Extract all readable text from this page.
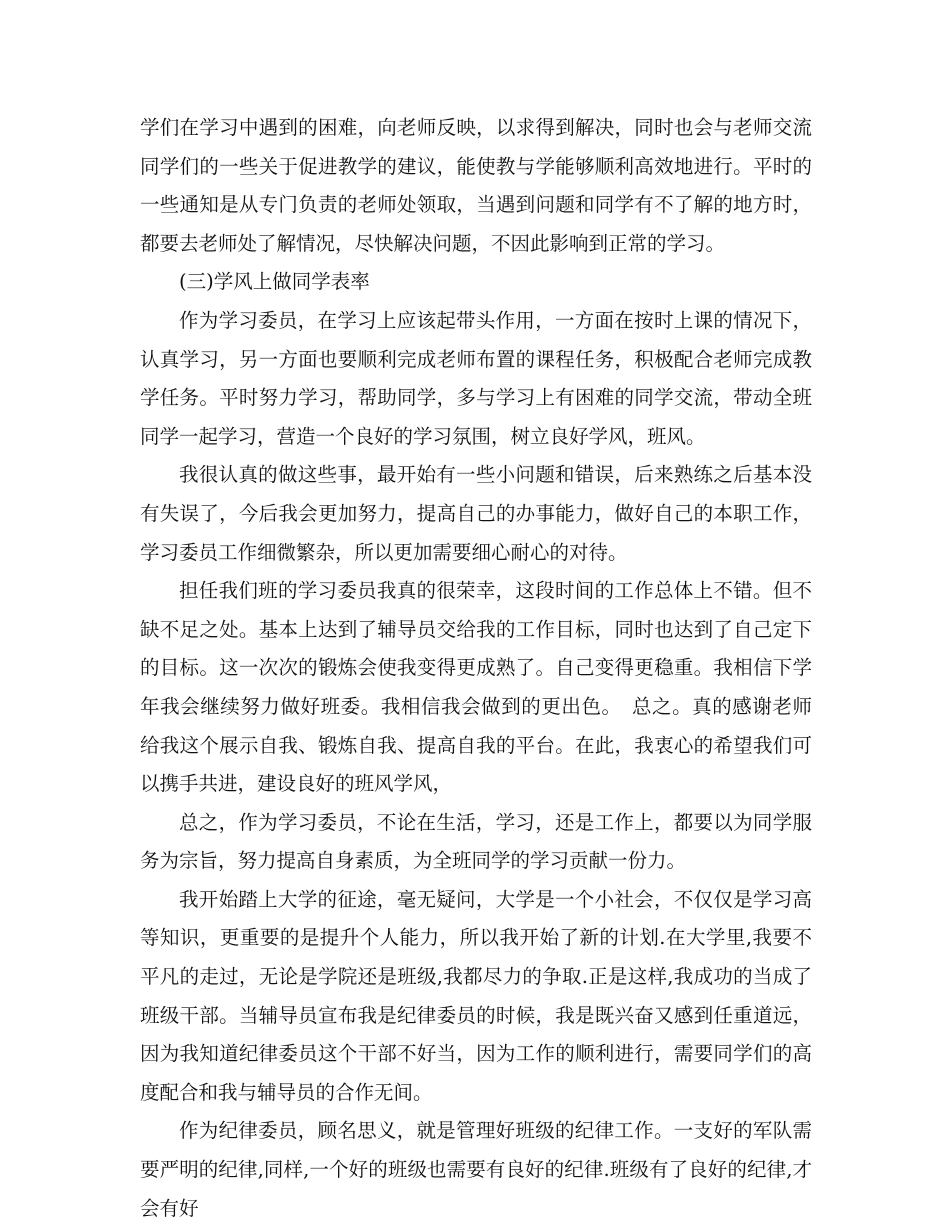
学们在学习中遇到的困难，向老师反映，以求得到解决，同时也会与老师交流同学们的一些关于促进教学的建议，能使教与学能够顺利高效地进行。平时的一些通知是从专门负责的老师处领取，当遇到问题和同学有不了解的地方时，都要去老师处了解情况，尽快解决问题，不因此影响到正常的学习。

(三)学风上做同学表率

作为学习委员，在学习上应该起带头作用，一方面在按时上课的情况下，认真学习，另一方面也要顺利完成老师布置的课程任务，积极配合老师完成教学任务。平时努力学习，帮助同学，多与学习上有困难的同学交流，带动全班同学一起学习，营造一个良好的学习氛围，树立良好学风，班风。

我很认真的做这些事，最开始有一些小问题和错误，后来熟练之后基本没有失误了，今后我会更加努力，提高自己的办事能力，做好自己的本职工作，学习委员工作细微繁杂，所以更加需要细心耐心的对待。

担任我们班的学习委员我真的很荣幸，这段时间的工作总体上不错。但不缺不足之处。基本上达到了辅导员交给我的工作目标，同时也达到了自己定下的目标。这一次次的锻炼会使我变得更成熟了。自己变得更稳重。我相信下学年我会继续努力做好班委。我相信我会做到的更出色。　总之。真的感谢老师给我这个展示自我、锻炼自我、提高自我的平台。在此，我衷心的希望我们可以携手共进，建设良好的班风学风，

总之，作为学习委员，不论在生活，学习，还是工作上，都要以为同学服务为宗旨，努力提高自身素质，为全班同学的学习贡献一份力。

我开始踏上大学的征途，毫无疑问，大学是一个小社会，不仅仅是学习高等知识，更重要的是提升个人能力，所以我开始了新的计划.在大学里,我要不平凡的走过，无论是学院还是班级,我都尽力的争取.正是这样,我成功的当成了班级干部。当辅导员宣布我是纪律委员的时候，我是既兴奋又感到任重道远，因为我知道纪律委员这个干部不好当，因为工作的顺利进行，需要同学们的高度配合和我与辅导员的合作无间。

作为纪律委员，顾名思义，就是管理好班级的纪律工作。一支好的军队需要严明的纪律,同样,一个好的班级也需要有良好的纪律.班级有了良好的纪律,才会有好
